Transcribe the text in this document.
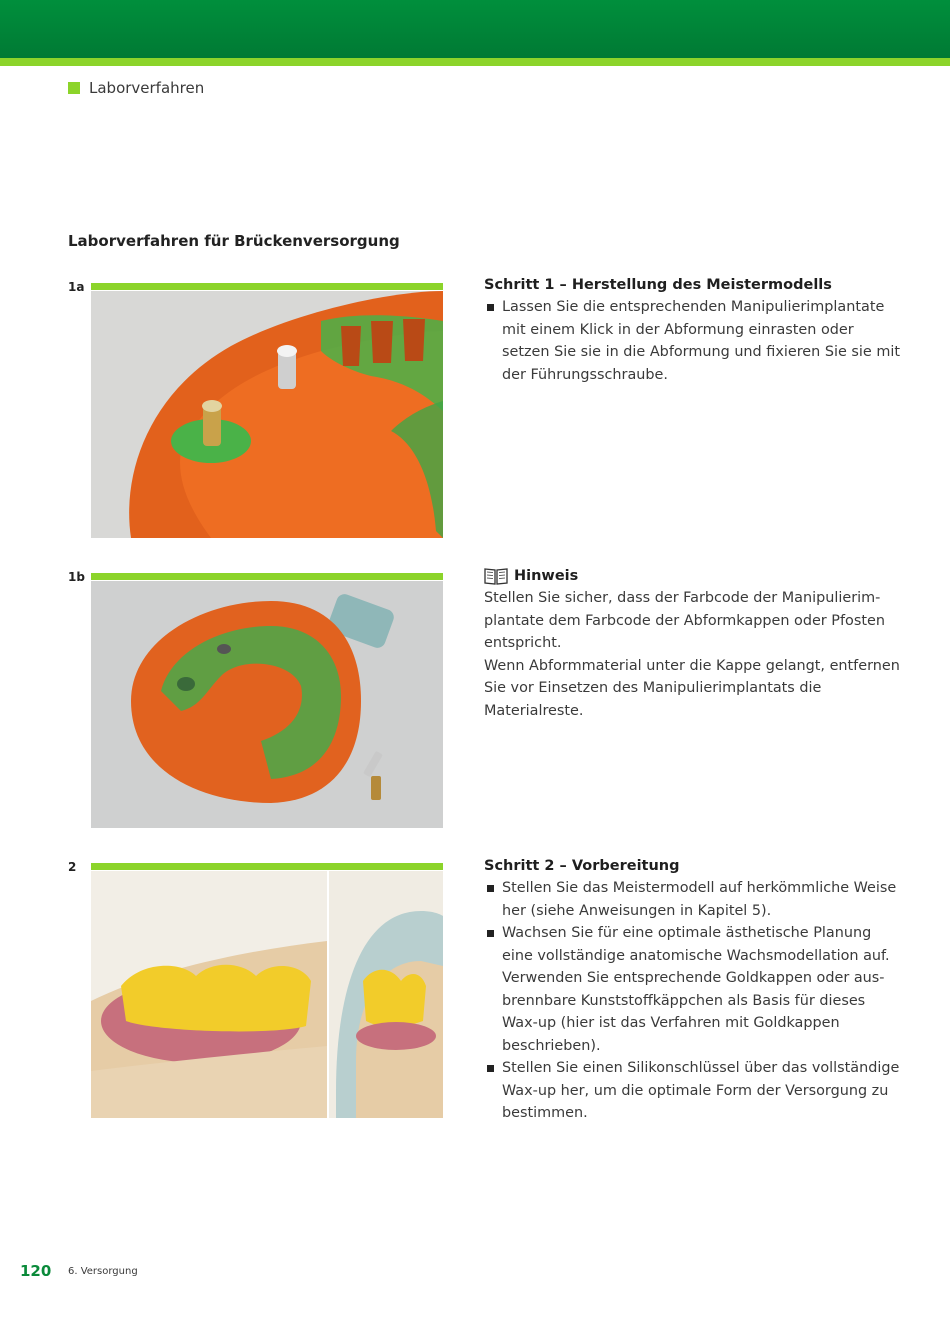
Laborverfahren
Laborverfahren für Brückenversorgung
1a
1b
2
Schritt 1 – Herstellung des Meistermodells
Lassen Sie die entsprechenden Manipulierimplantate mit einem Klick in der Abformung einrasten oder setzen Sie sie in die Abformung und fixieren Sie sie mit der Führungsschraube.
Hinweis

Stellen Sie sicher, dass der Farbcode der Manipulierim-plantate dem Farbcode der Abformkappen oder Pfosten entspricht.

Wenn Abformmaterial unter die Kappe gelangt, entfernen Sie vor Einsetzen des Manipulierimplantats die Materialreste.

Schritt 2 – Vorbereitung
Stellen Sie das Meistermodell auf herkömmliche Weise her (siehe Anweisungen in Kapitel 5).
Wachsen Sie für eine optimale ästhetische Planung eine vollständige anatomische Wachsmodellation auf. Verwenden Sie entsprechende Goldkappen oder aus-brennbare Kunststoffkäppchen als Basis für dieses Wax-up (hier ist das Verfahren mit Goldkappen beschrieben).
Stellen Sie einen Silikonschlüssel über das vollständige Wax-up her, um die optimale Form der Versorgung zu bestimmen.
120 6. Versorgung
